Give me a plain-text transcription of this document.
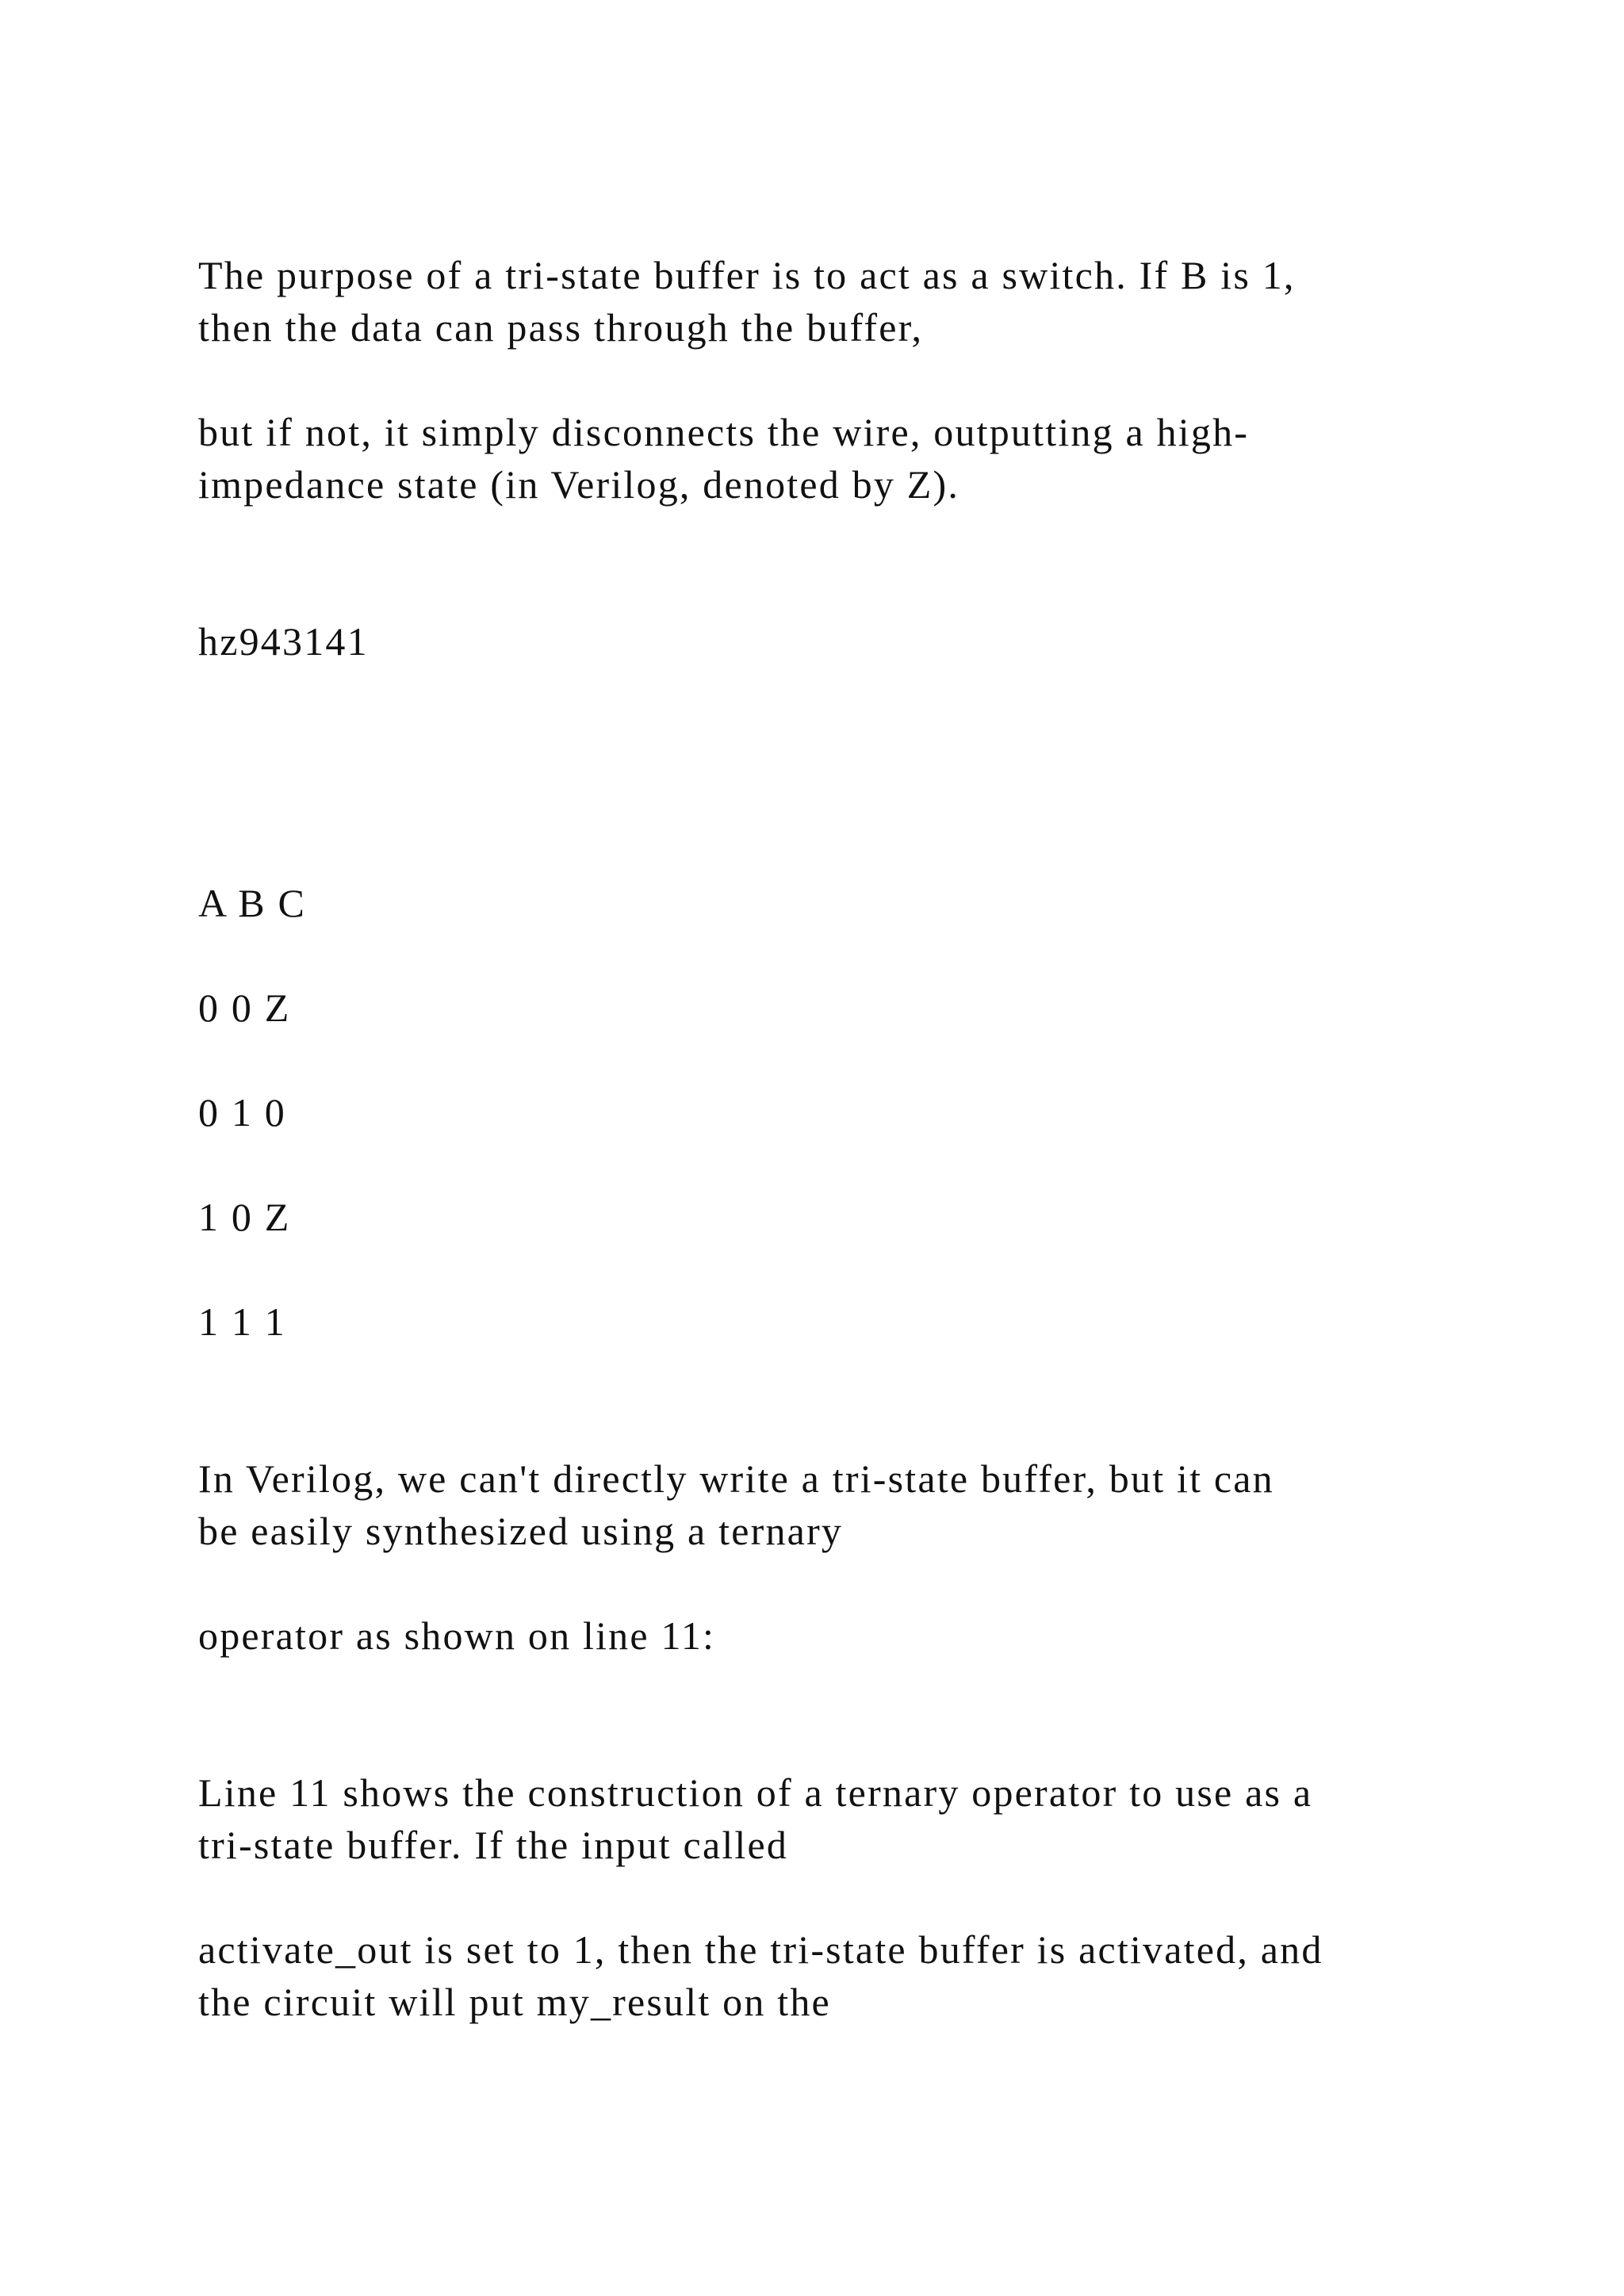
The purpose of a tri-state buffer is to act as a switch. If B is 1,

then the data can pass through the buffer,

but if not, it simply disconnects the wire, outputting a high-

impedance state (in Verilog, denoted by Z).

hz943141

A B C

0 0 Z

0 1 0

1 0 Z

1 1 1

In Verilog, we can't directly write a tri-state buffer, but it can

be easily synthesized using a ternary

operator as shown on line 11:

Line 11 shows the construction of a ternary operator to use as a

tri-state buffer. If the input called

activate_out is set to 1, then the tri-state buffer is activated, and

the circuit will put my_result on the
